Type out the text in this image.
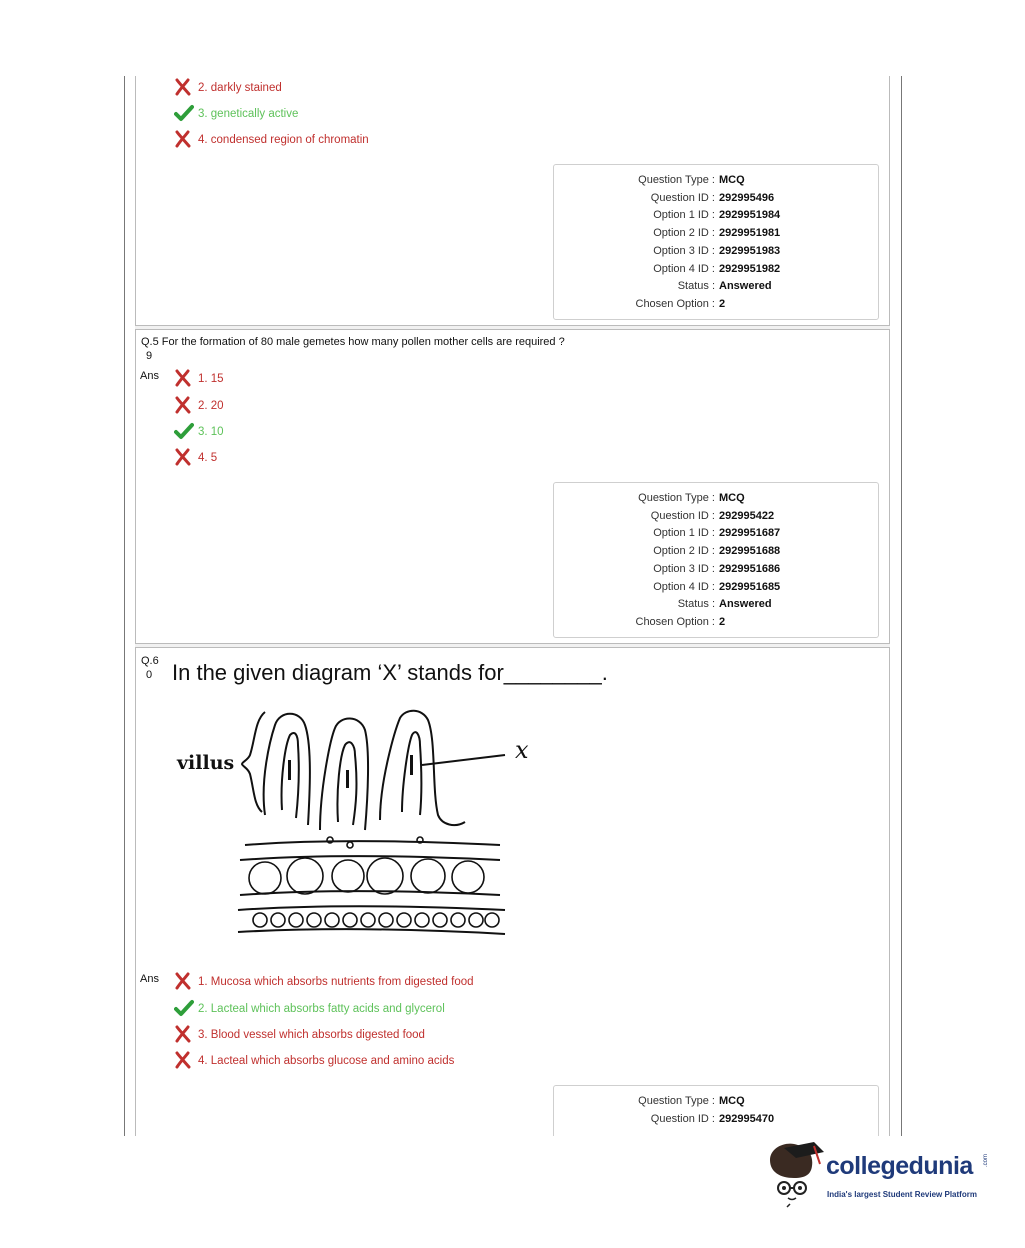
2. darkly stained
3. genetically active
4. condensed region of chromatin
Question Type : MCQ
Question ID : 292995496
Option 1 ID : 2929951984
Option 2 ID : 2929951981
Option 3 ID : 2929951983
Option 4 ID : 2929951982
Status : Answered
Chosen Option : 2
Q.5 For the formation of 80 male gemetes how many pollen mother cells are required ?
9
Ans	1. 15
2. 20
3. 10
4. 5
Question Type : MCQ
Question ID : 292995422
Option 1 ID : 2929951687
Option 2 ID : 2929951688
Option 3 ID : 2929951686
Option 4 ID : 2929951685
Status : Answered
Chosen Option : 2
Q.6
0 In the given diagram ‘X’ stands for________.
villus	x
Ans	1. Mucosa which absorbs nutrients from digested food
2. Lacteal which absorbs fatty acids and glycerol
3. Blood vessel which absorbs digested food
4. Lacteal which absorbs glucose and amino acids
Question Type : MCQ
Question ID : 292995470
collegedunia .com
India's largest Student Review Platform
